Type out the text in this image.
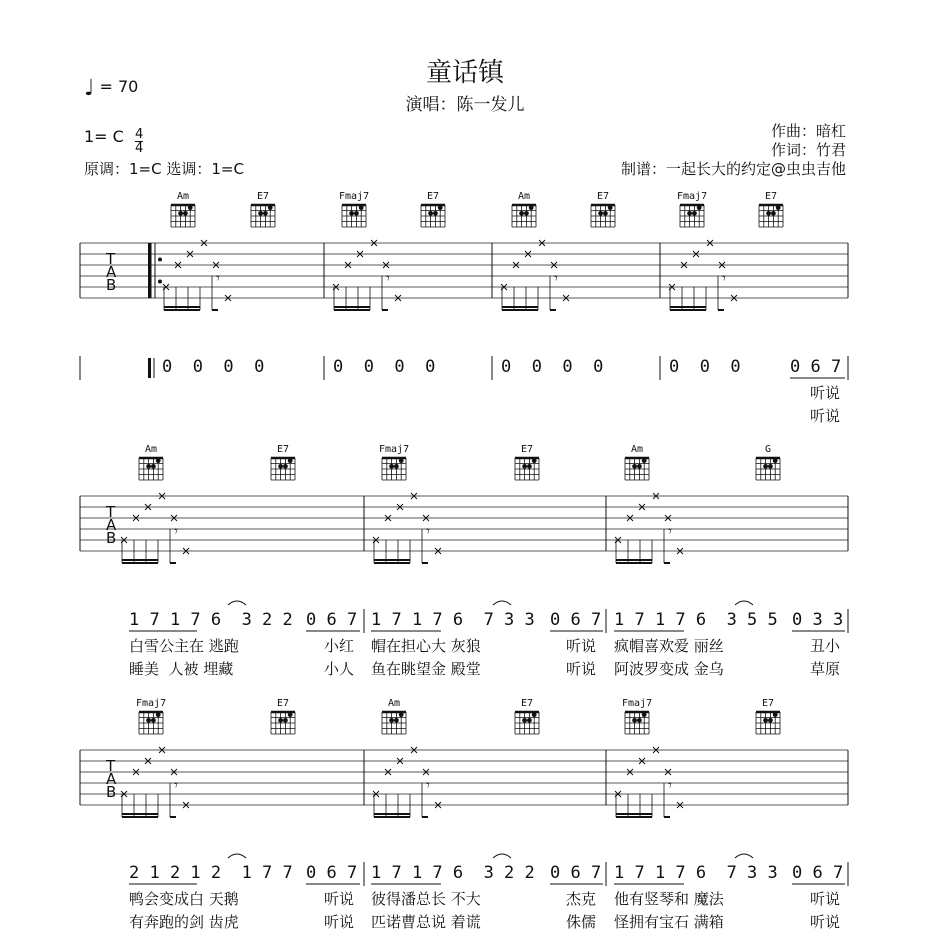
童话镇
演唱：陈一发儿
♩ = 70
1= C $\frac{4}{4}$
原调：1=C 选调：1=C
作曲：暗杠
作词：竹君
制谱：一起长大的约定@虫虫吉他
T
A
B	𝄾	𝄾	𝄾	𝄾
Am	E7	Fmaj7	E7	Am	E7	Fmaj7	E7
0  0  0  0	0  0  0  0	0  0  0  0	0  0  0	0 6 7
听说
听说
T
A
B	𝄾	𝄾	𝄾
Am	E7	Fmaj7	E7	Am	G
1 7 1 7 6  3 2 2 0 6 7 1 7 1 7 6  7 3 3 0 6 7 1 7 1 7 6  3 5 5 0 3 3
白雪公主在 逃跑	小红 帽在担心大 灰狼	听说 疯帽喜欢爱 丽丝	丑小
睡美  人被 埋藏	小人 鱼在眺望金 殿堂	听说 阿波罗变成 金乌	草原
T
A
B	𝄾	𝄾	𝄾
Fmaj7	E7	Am	E7	Fmaj7	E7
2 1 2 1 2  1 7 7 0 6 7 1 7 1 7 6  3 2 2 0 6 7 1 7 1 7 6  7 3 3 0 6 7
鸭会变成白 天鹅	听说 彼得潘总长 不大	杰克 他有竖琴和 魔法	听说
有奔跑的剑 齿虎	听说 匹诺曹总说 着谎	侏儒 怪拥有宝石 满箱	听说
